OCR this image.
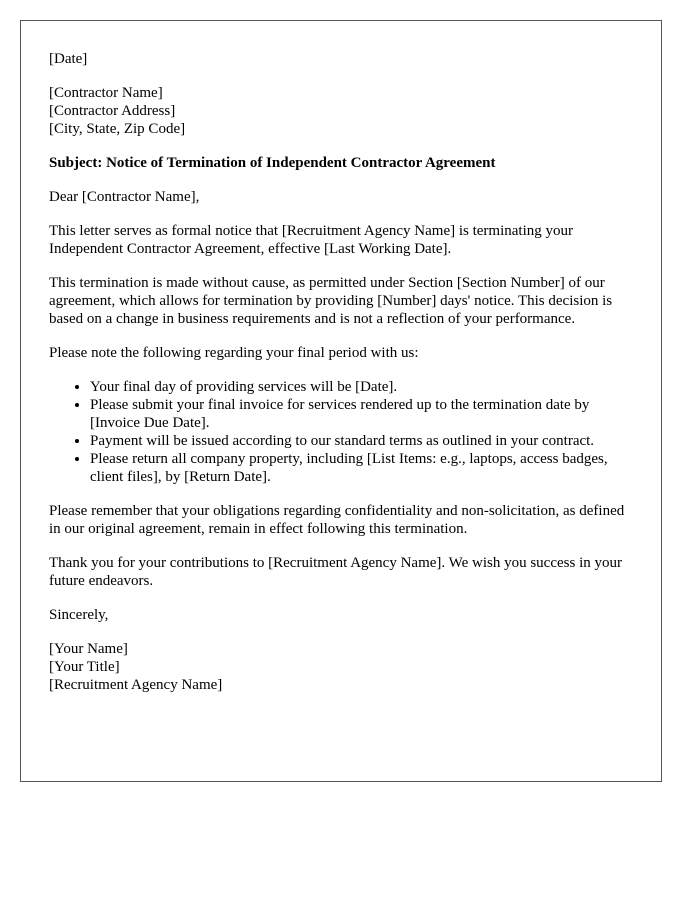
[Date]

[Contractor Name]
[Contractor Address]
[City, State, Zip Code]

Subject: Notice of Termination of Independent Contractor Agreement

Dear [Contractor Name],

This letter serves as formal notice that [Recruitment Agency Name] is terminating your Independent Contractor Agreement, effective [Last Working Date].

This termination is made without cause, as permitted under Section [Section Number] of our agreement, which allows for termination by providing [Number] days' notice. This decision is based on a change in business requirements and is not a reflection of your performance.

Please note the following regarding your final period with us:

• Your final day of providing services will be [Date].
• Please submit your final invoice for services rendered up to the termination date by [Invoice Due Date].
• Payment will be issued according to our standard terms as outlined in your contract.
• Please return all company property, including [List Items: e.g., laptops, access badges, client files], by [Return Date].

Please remember that your obligations regarding confidentiality and non-solicitation, as defined in our original agreement, remain in effect following this termination.

Thank you for your contributions to [Recruitment Agency Name]. We wish you success in your future endeavors.

Sincerely,

[Your Name]
[Your Title]
[Recruitment Agency Name]
